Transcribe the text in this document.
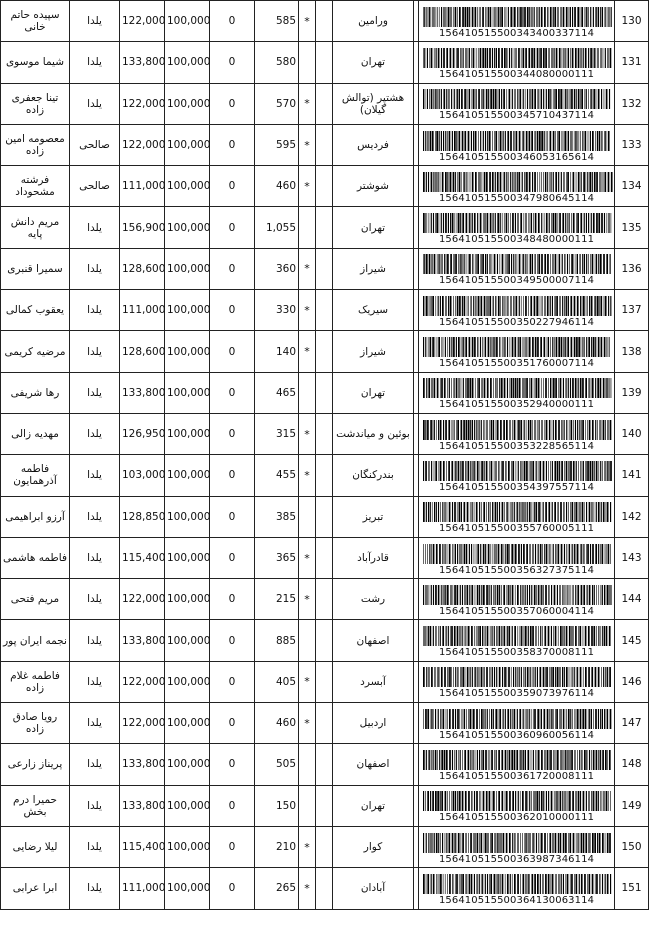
سپیده حاتم خانی	یلدا	122,000	100,000	0	585	*		ورامین		156410515500343400337114	130
شیما موسوی	یلدا	133,800	100,000	0	580			تهران		156410515500344080000111	131
تینا جعفری زاده	یلدا	122,000	100,000	0	570	*		هشتپر (توالش گیلان)		156410515500345710437114	132
معصومه امین زاده	صالحی	122,000	100,000	0	595	*		فردیس		156410515500346053165614	133
فرشته مشحوداد	صالحی	111,000	100,000	0	460	*		شوشتر		156410515500347980645114	134
مریم دانش پایه	یلدا	156,900	100,000	0	1,055			تهران		156410515500348480000111	135
سمیرا قنبری	یلدا	128,600	100,000	0	360	*		شیراز		156410515500349500007114	136
یعقوب کمالی	یلدا	111,000	100,000	0	330	*		سیریک		156410515500350227946114	137
مرضیه کریمی	یلدا	128,600	100,000	0	140	*		شیراز		156410515500351760007114	138
رها شریفی	یلدا	133,800	100,000	0	465			تهران		156410515500352940000111	139
مهدیه زالی	یلدا	126,950	100,000	0	315	*		بوئین و میاندشت		156410515500353228565114	140
فاطمه آذرهمایون	یلدا	103,000	100,000	0	455	*		بندرکنگان		156410515500354397557114	141
آرزو ابراهیمی	یلدا	128,850	100,000	0	385			تبریز		156410515500355760005111	142
فاطمه هاشمی	یلدا	115,400	100,000	0	365	*		قادرآباد		156410515500356327375114	143
مریم فتحی	یلدا	122,000	100,000	0	215	*		رشت		156410515500357060004114	144
نجمه ایران پور	یلدا	133,800	100,000	0	885			اصفهان		156410515500358370008111	145
فاطمه غلام زاده	یلدا	122,000	100,000	0	405	*		آبسرد		156410515500359073976114	146
رویا صادق زاده	یلدا	122,000	100,000	0	460	*		اردبیل		156410515500360960056114	147
پریناز زارعی	یلدا	133,800	100,000	0	505			اصفهان		156410515500361720008111	148
حمیرا درم بخش	یلدا	133,800	100,000	0	150			تهران		156410515500362010000111	149
لیلا رضایی	یلدا	115,400	100,000	0	210	*		کوار		156410515500363987346114	150
ابرا عرابی	یلدا	111,000	100,000	0	265	*		آبادان		156410515500364130063114	151
